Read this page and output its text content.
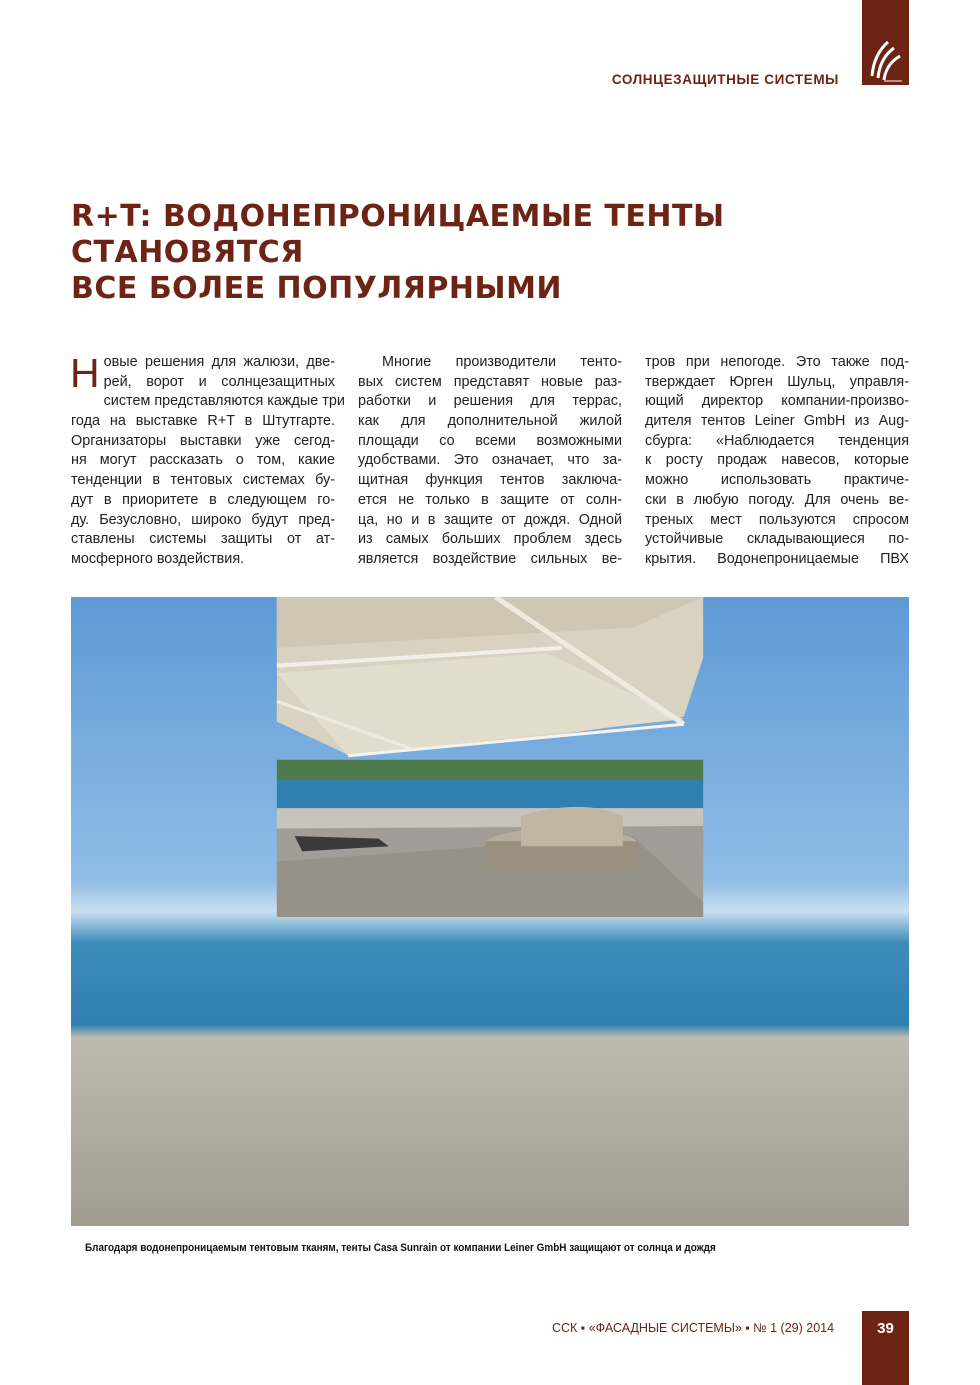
СОЛНЦЕЗАЩИТНЫЕ СИСТЕМЫ
R+T: ВОДОНЕПРОНИЦАЕМЫЕ ТЕНТЫ СТАНОВЯТСЯ
ВСЕ БОЛЕЕ ПОПУЛЯРНЫМИ
Н овые решения для жалюзи, две-
рей, ворот и солнцезащитных
систем представляются каждые три
года на выставке R+T в Штутгарте.
Организаторы выставки уже сегод-
ня могут рассказать о том, какие
тенденции в тентовых системах бу-
дут в приоритете в следующем го-
ду. Безусловно, широко будут пред-
ставлены системы защиты от ат-
мосферного воздействия.
Многие производители тенто-
вых систем представят новые раз-
работки и решения для террас,
как для дополнительной жилой
площади со всеми возможными
удобствами. Это означает, что за-
щитная функция тентов заключа-
ется не только в защите от солн-
ца, но и в защите от дождя. Одной
из самых больших проблем здесь
является воздействие сильных ве-
тров при непогоде. Это также под-
тверждает Юрген Шульц, управля-
ющий директор компании-произво-
дителя тентов Leiner GmbH из Аug-
сбурга: «Наблюдается тенденция
к росту продаж навесов, которые
можно использовать практиче-
ски в любую погоду. Для очень ве-
треных мест пользуются спросом
устойчивые складывающиеся по-
крытия. Водонепроницаемые ПВХ
Благодаря водонепроницаемым тентовым тканям, тенты Casa Sunrain от компании Leiner GmbH защищают от солнца и дождя
ССК ▪ «ФАСАДНЫЕ СИСТЕМЫ» ▪ № 1 (29) 2014	39
